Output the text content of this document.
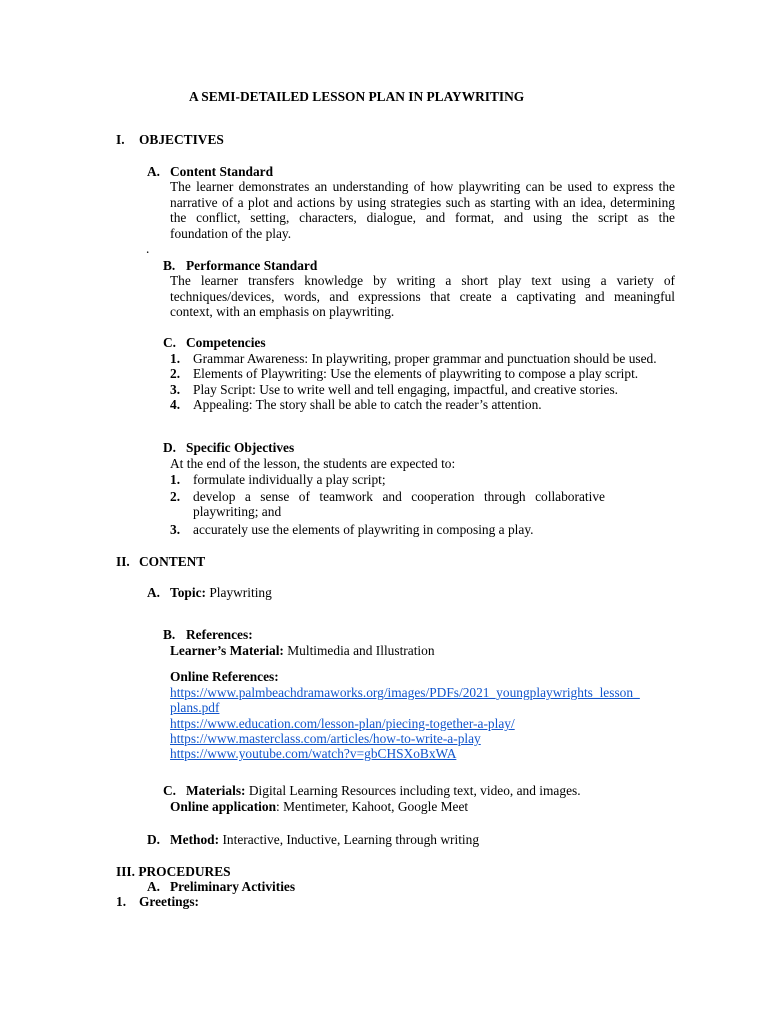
A SEMI-DETAILED LESSON PLAN IN PLAYWRITING
I. OBJECTIVES
A. Content Standard
The learner demonstrates an understanding of how playwriting can be used to express the
narrative of a plot and actions by using strategies such as starting with an idea, determining
the conflict, setting, characters, dialogue, and format, and using the script as the
foundation of the play.
.
B. Performance Standard
The learner transfers knowledge by writing a short play text using a variety of
techniques/devices, words, and expressions that create a captivating and meaningful
context, with an emphasis on playwriting.
C. Competencies
1. Grammar Awareness: In playwriting, proper grammar and punctuation should be used.
2. Elements of Playwriting: Use the elements of playwriting to compose a play script.
3. Play Script: Use to write well and tell engaging, impactful, and creative stories.
4. Appealing: The story shall be able to catch the reader’s attention.
D. Specific Objectives
At the end of the lesson, the students are expected to:
1. formulate individually a play script;
2. develop a sense of teamwork and cooperation through collaborative
playwriting; and
3. accurately use the elements of playwriting in composing a play.
II. CONTENT
A. Topic: Playwriting
B. References:
Learner’s Material: Multimedia and Illustration
Online References:
https://www.palmbeachdramaworks.org/images/PDFs/2021_youngplaywrights_lesson_
plans.pdf
https://www.education.com/lesson-plan/piecing-together-a-play/
https://www.masterclass.com/articles/how-to-write-a-play
https://www.youtube.com/watch?v=gbCHSXoBxWA
C. Materials: Digital Learning Resources including text, video, and images.
Online application: Mentimeter, Kahoot, Google Meet
D. Method: Interactive, Inductive, Learning through writing
III. PROCEDURES
A. Preliminary Activities
1. Greetings:
